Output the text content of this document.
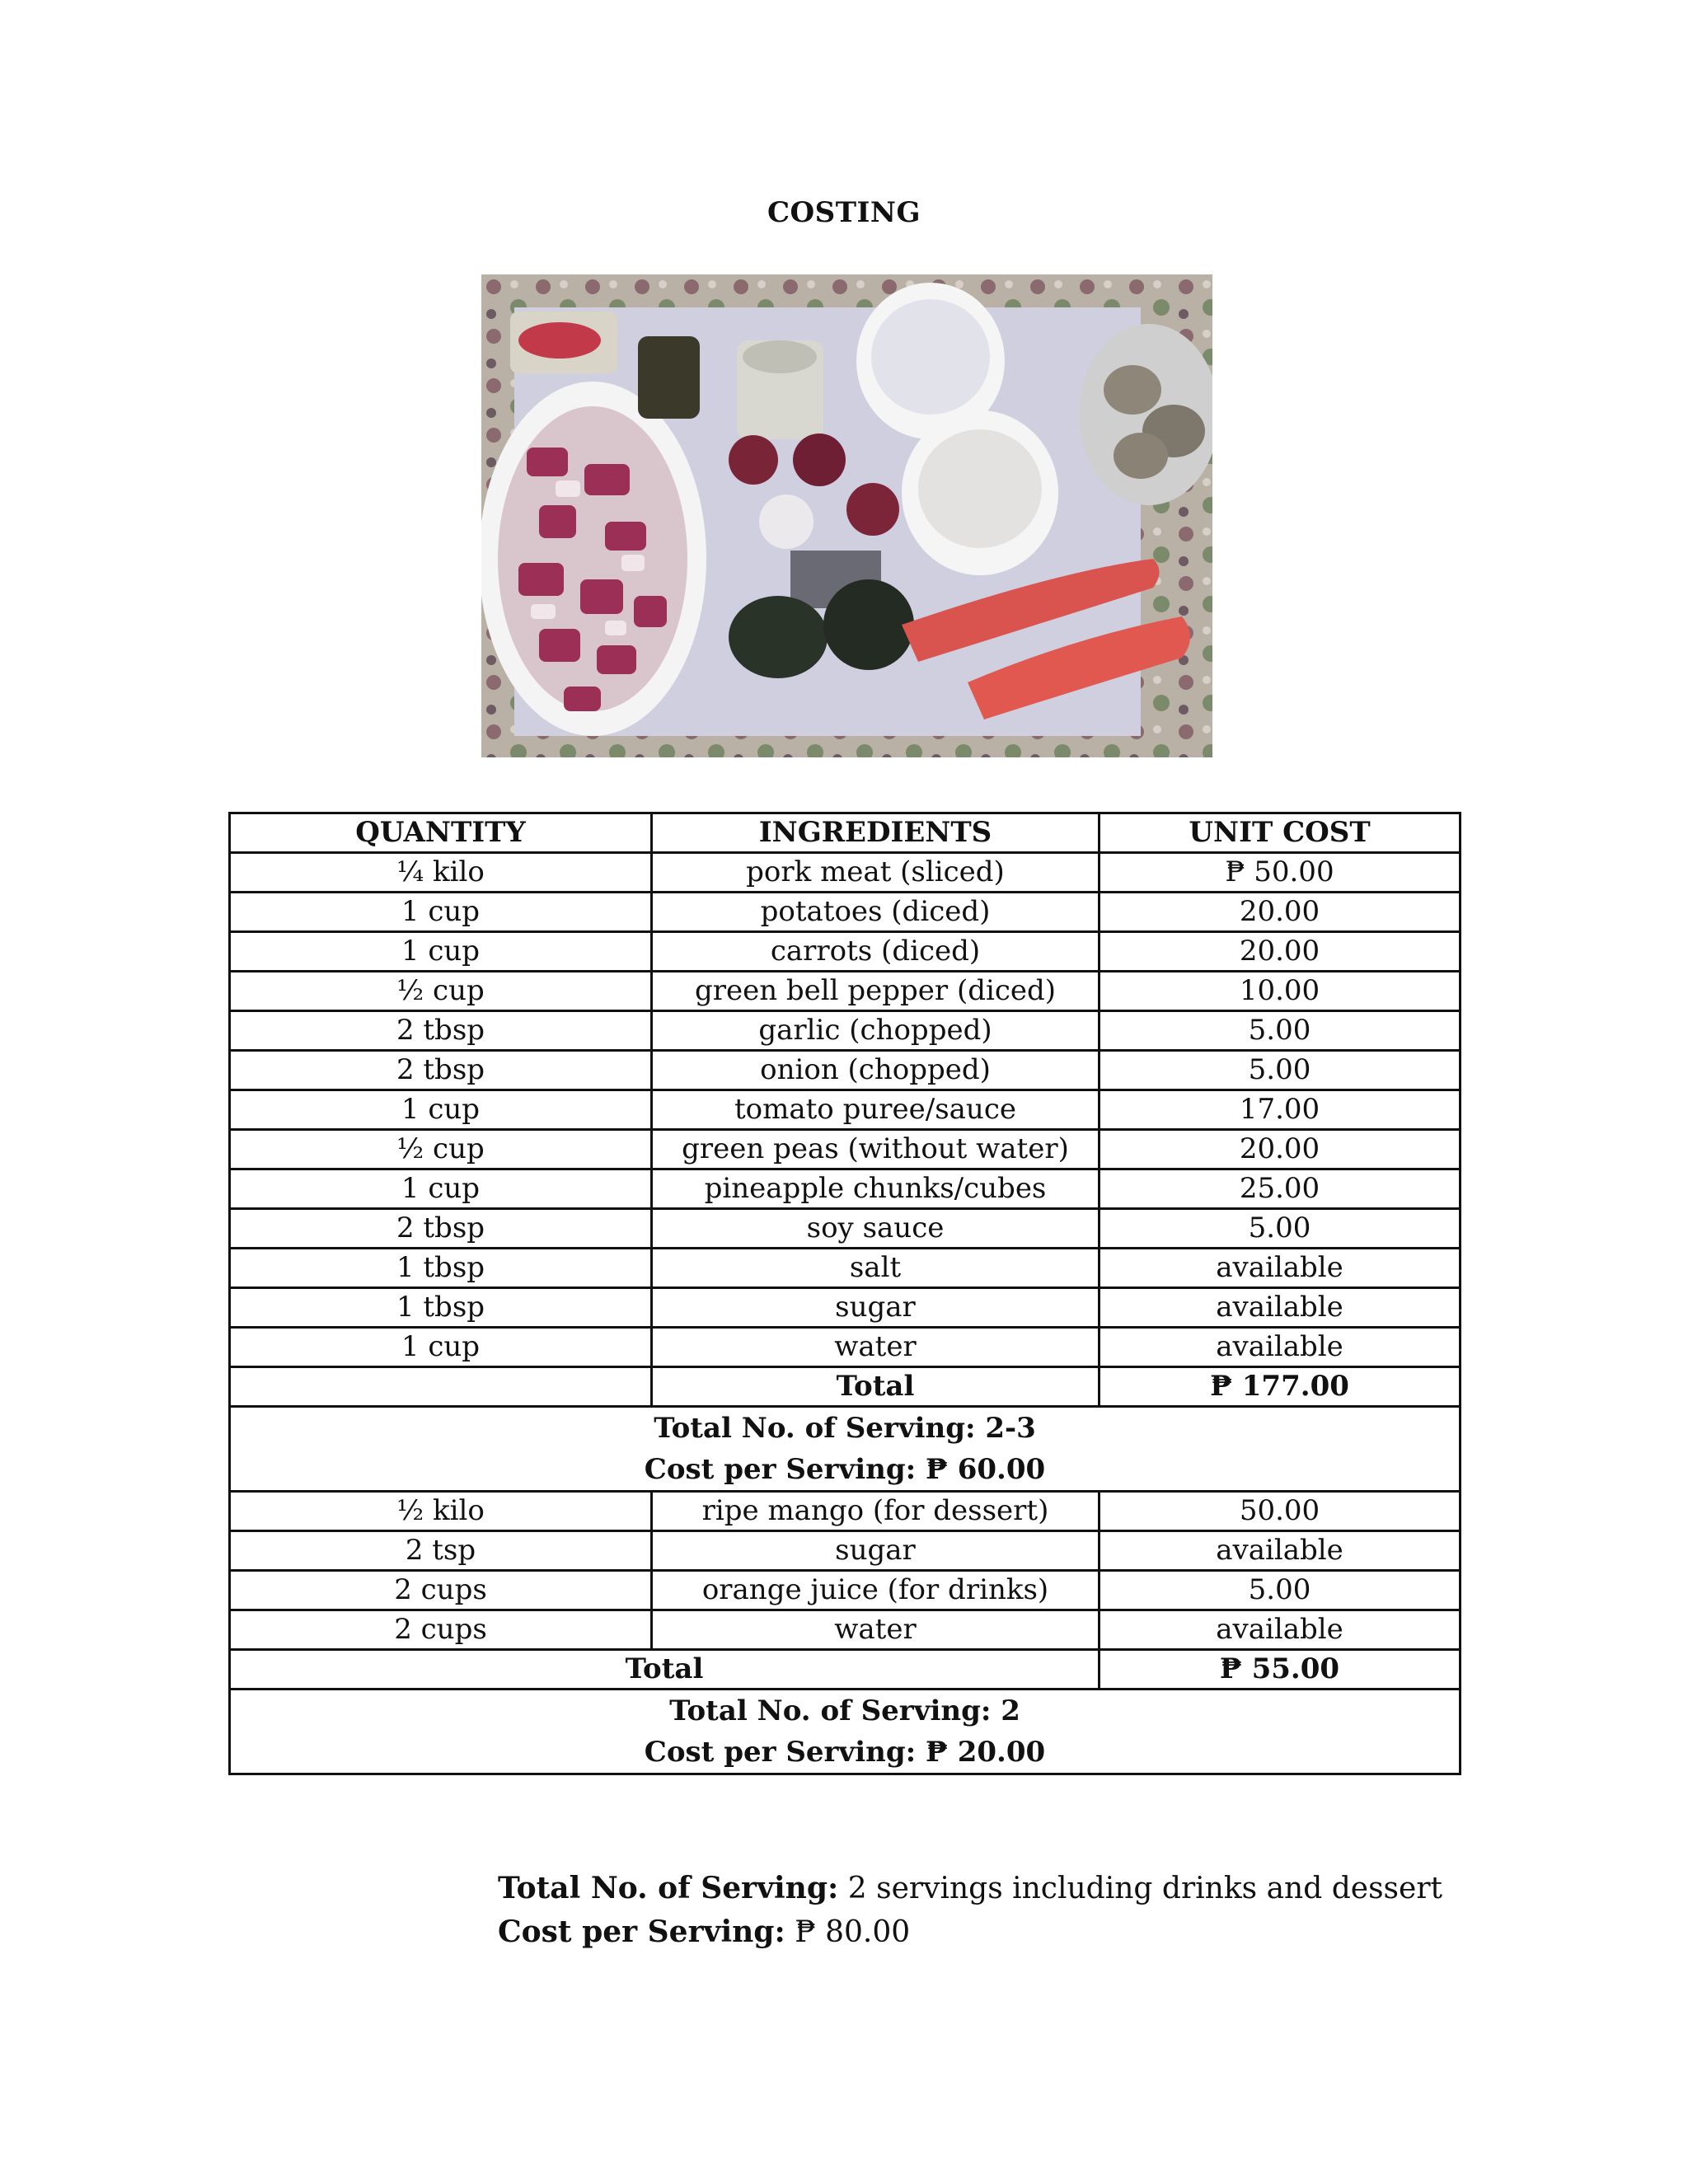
COSTING
QUANTITY	INGREDIENTS	UNIT COST
¼ kilo	pork meat (sliced)	₱ 50.00
1 cup	potatoes (diced)	20.00
1 cup	carrots (diced)	20.00
½ cup	green bell pepper (diced)	10.00
2 tbsp	garlic (chopped)	5.00
2 tbsp	onion (chopped)	5.00
1 cup	tomato puree/sauce	17.00
½ cup	green peas (without water)	20.00
1 cup	pineapple chunks/cubes	25.00
2 tbsp	soy sauce	5.00
1 tbsp	salt	available
1 tbsp	sugar	available
1 cup	water	available
	Total	₱ 177.00

Total No. of Serving: 2-3
Cost per Serving: ₱ 60.00		

½ kilo	ripe mango (for dessert)	50.00
2 tsp	sugar	available
2 cups	orange juice (for drinks)	5.00
2 cups	water	available
Total		₱ 55.00

Total No. of Serving: 2
Cost per Serving: ₱ 20.00		
Total No. of Serving: 2 servings including drinks and dessert
Cost per Serving: ₱ 80.00
